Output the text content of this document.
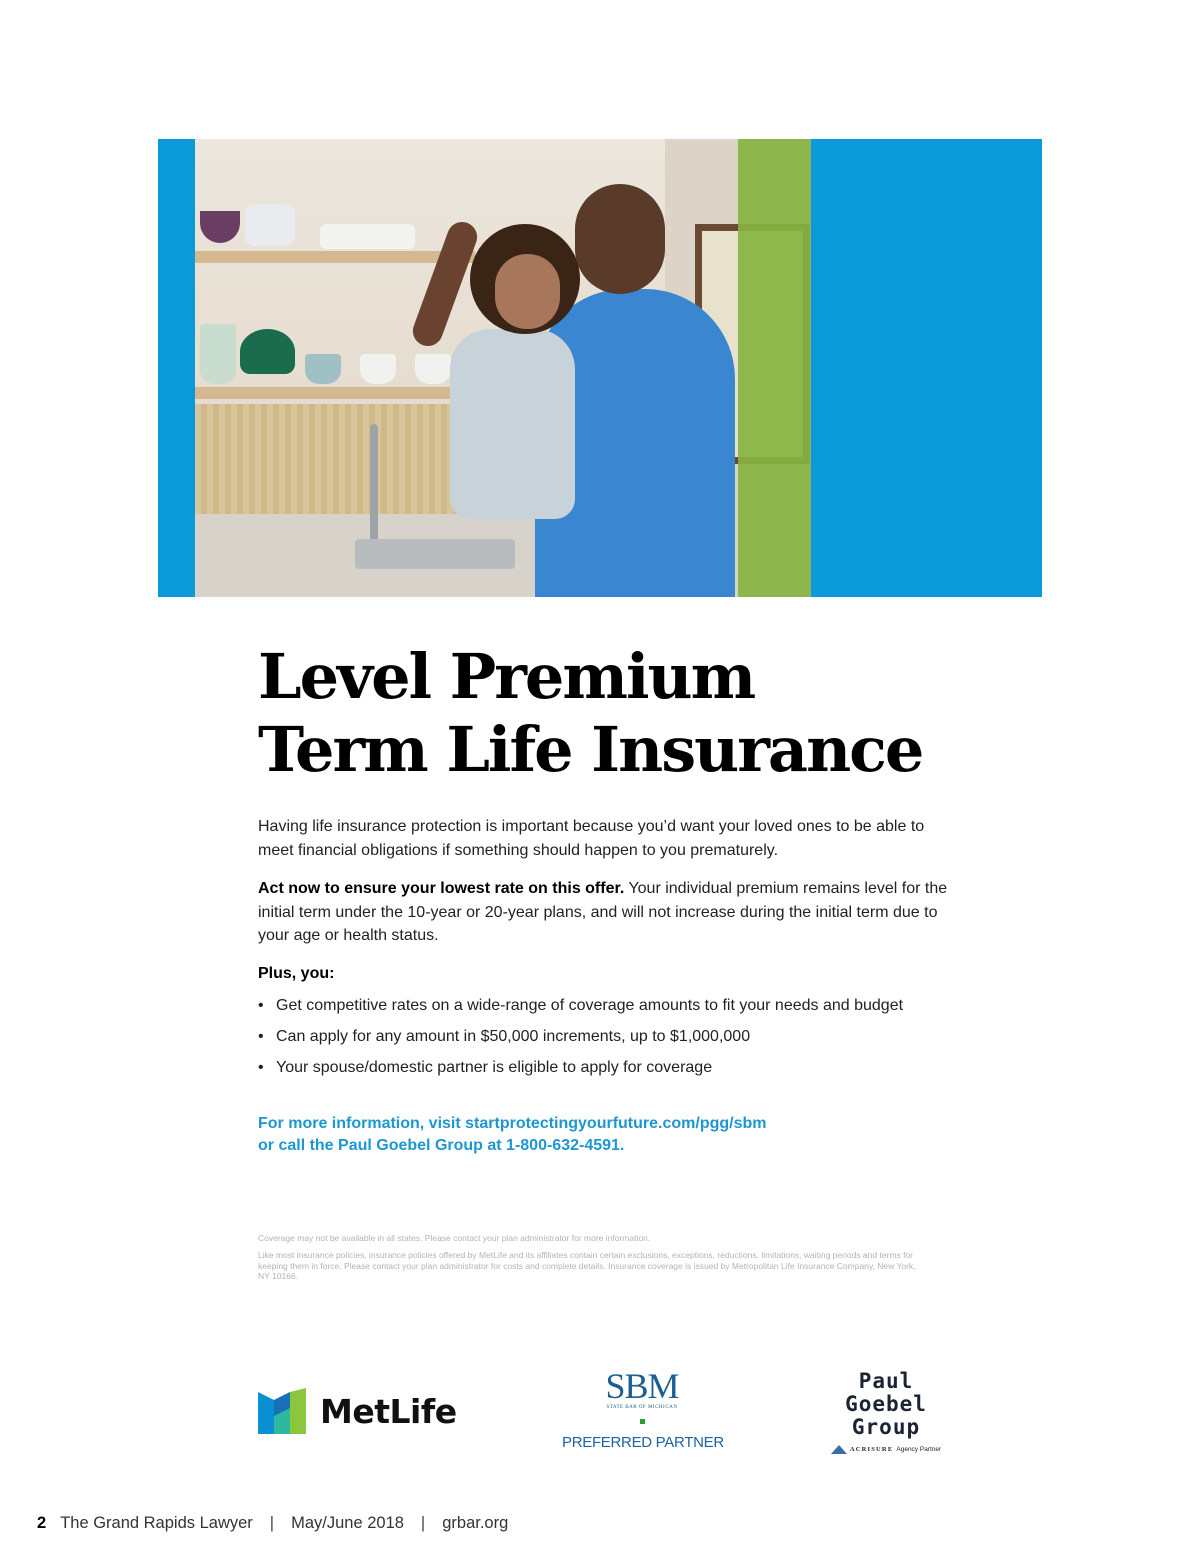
Level Premium
Term Life Insurance

Having life insurance protection is important because you’d want your loved ones to be able to meet financial obligations if something should happen to you prematurely.

Act now to ensure your lowest rate on this offer. Your individual premium remains level for the initial term under the 10-year or 20-year plans, and will not increase during the initial term due to your age or health status.

Plus, you:

• Get competitive rates on a wide-range of coverage amounts to fit your needs and budget
• Can apply for any amount in $50,000 increments, up to $1,000,000
• Your spouse/domestic partner is eligible to apply for coverage

For more information, visit startprotectingyourfuture.com/pgg/sbm
or call the Paul Goebel Group at 1-800-632-4591.

Coverage may not be available in all states. Please contact your plan administrator for more information.

Like most insurance policies, insurance policies offered by MetLife and its affiliates contain certain exclusions, exceptions, reductions, limitations, waiting periods and terms for keeping them in force. Please contact your plan administrator for costs and complete details. Insurance coverage is issued by Metropolitan Life Insurance Company, New York, NY 10166.

MetLife
SBM
STATE BAR OF MICHIGAN
PREFERRED PARTNER
Paul
Goebel
Group
ACRISURE Agency Partner
2 The Grand Rapids Lawyer | May/June 2018 | grbar.org
